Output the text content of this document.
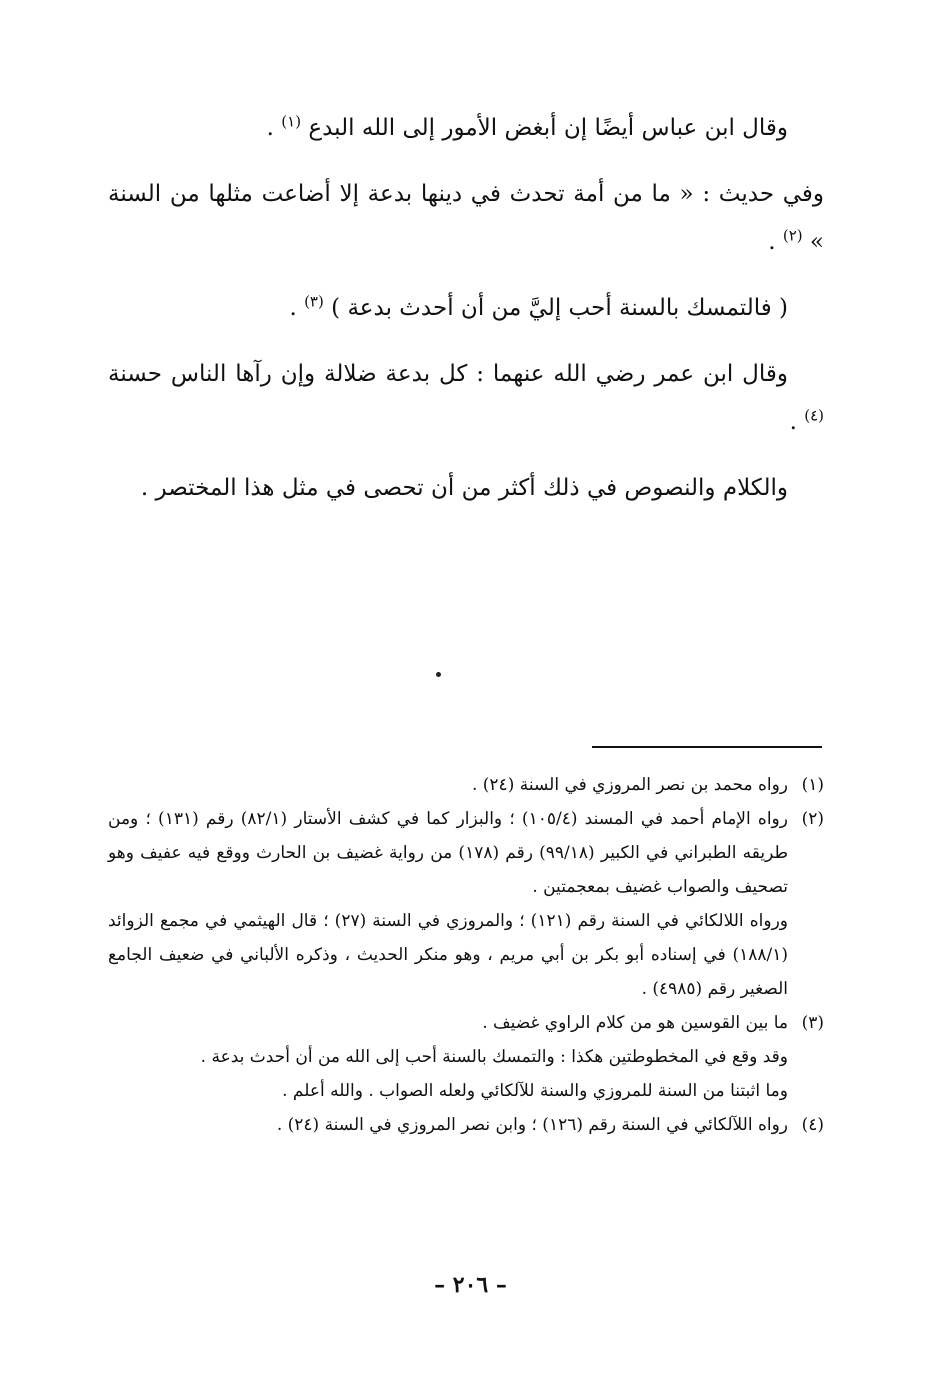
وقال ابن عباس أيضًا إن أبغض الأمور إلى الله البدع $^{(١)}$ .

وفي حديث : « ما من أمة تحدث في دينها بدعة إلا أضاعت مثلها من السنة » $^{(٢)}$ .

( فالتمسك بالسنة أحب إليَّ من أن أحدث بدعة ) $^{(٣)}$ .

وقال ابن عمر رضي الله عنهما : كل بدعة ضلالة وإن رآها الناس حسنة $^{(٤)}$ .

والكلام والنصوص في ذلك أكثر من أن تحصى في مثل هذا المختصر .

(١)
رواه محمد بن نصر المروزي في السنة (٢٤) .
(٢)
رواه الإمام أحمد في المسند (١٠٥/٤) ؛ والبزار كما في كشف الأستار (٨٢/١) رقم (١٣١) ؛ ومن طريقه الطبراني في الكبير (٩٩/١٨) رقم (١٧٨) من رواية غضيف بن الحارث ووقع فيه عفيف وهو تصحيف والصواب غضيف بمعجمتين .
ورواه اللالكائي في السنة رقم (١٢١) ؛ والمروزي في السنة (٢٧) ؛ قال الهيثمي في مجمع الزوائد (١٨٨/١) في إسناده أبو بكر بن أبي مريم ، وهو منكر الحديث ، وذكره الألباني في ضعيف الجامع الصغير رقم (٤٩٨٥) .
(٣)
ما بين القوسين هو من كلام الراوي غضيف .
وقد وقع في المخطوطتين هكذا : والتمسك بالسنة أحب إلى الله من أن أحدث بدعة .
وما اثبتنا من السنة للمروزي والسنة للآلكائي ولعله الصواب . والله أعلم .
(٤)
رواه اللآلكائي في السنة رقم (١٢٦) ؛ وابن نصر المروزي في السنة (٢٤) .
– ٢٠٦ –
